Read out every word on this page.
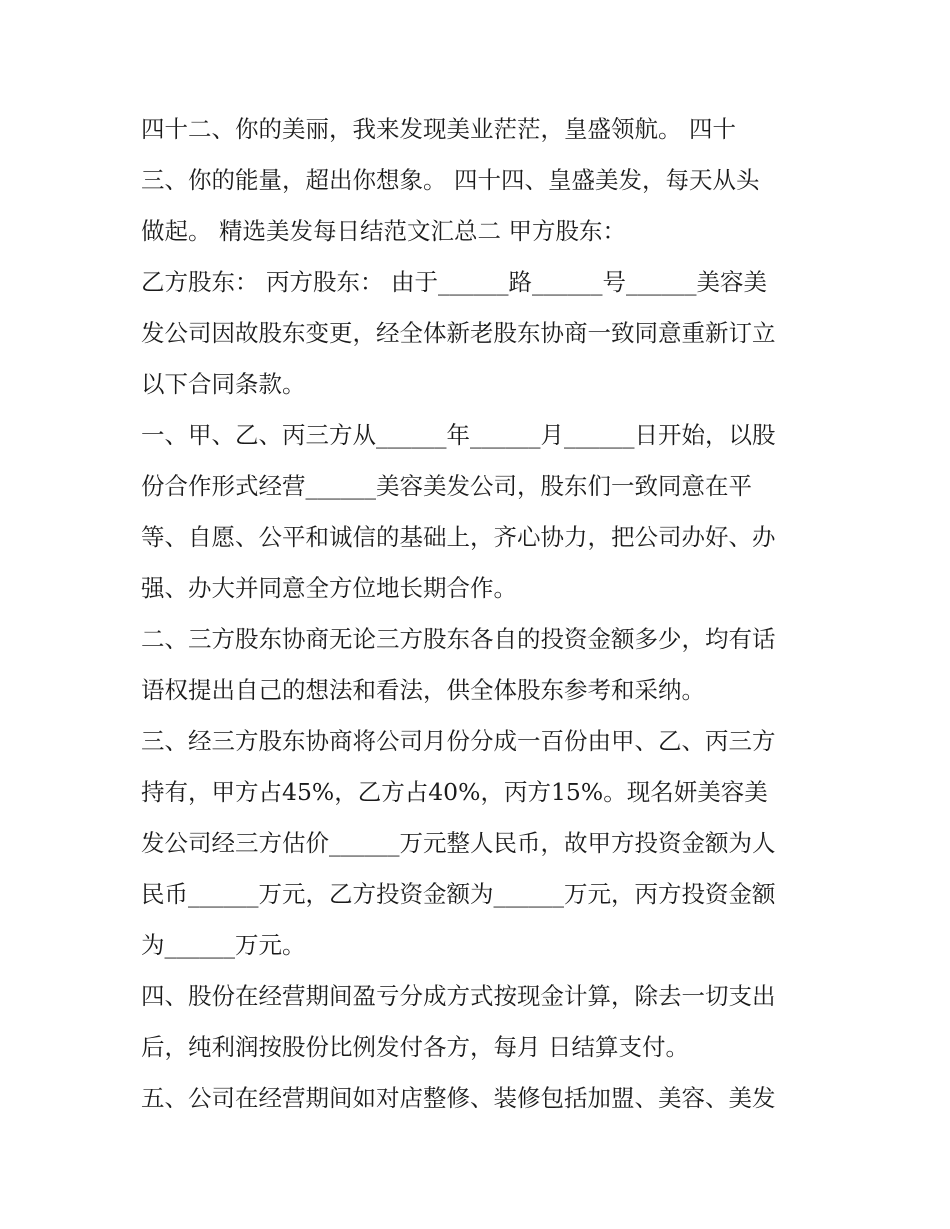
四十二、你的美丽，我来发现美业茫茫，皇盛领航。 四十
三、你的能量，超出你想象。 四十四、皇盛美发，每天从头
做起。 精选美发每日结范文汇总二 甲方股东：
乙方股东： 丙方股东： 由于______路______号______美容美
发公司因故股东变更，经全体新老股东协商一致同意重新订立
以下合同条款。
一、甲、乙、丙三方从______年______月______日开始，以股
份合作形式经营______美容美发公司，股东们一致同意在平
等、自愿、公平和诚信的基础上，齐心协力，把公司办好、办
强、办大并同意全方位地长期合作。
二、三方股东协商无论三方股东各自的投资金额多少，均有话
语权提出自己的想法和看法，供全体股东参考和采纳。
三、经三方股东协商将公司月份分成一百份由甲、乙、丙三方
持有，甲方占45%，乙方占40%，丙方15%。现名妍美容美
发公司经三方估价______万元整人民币，故甲方投资金额为人
民币______万元，乙方投资金额为______万元，丙方投资金额
为______万元。
四、股份在经营期间盈亏分成方式按现金计算，除去一切支出
后，纯利润按股份比例发付各方，每月 日结算支付。
五、公司在经营期间如对店整修、装修包括加盟、美容、美发
